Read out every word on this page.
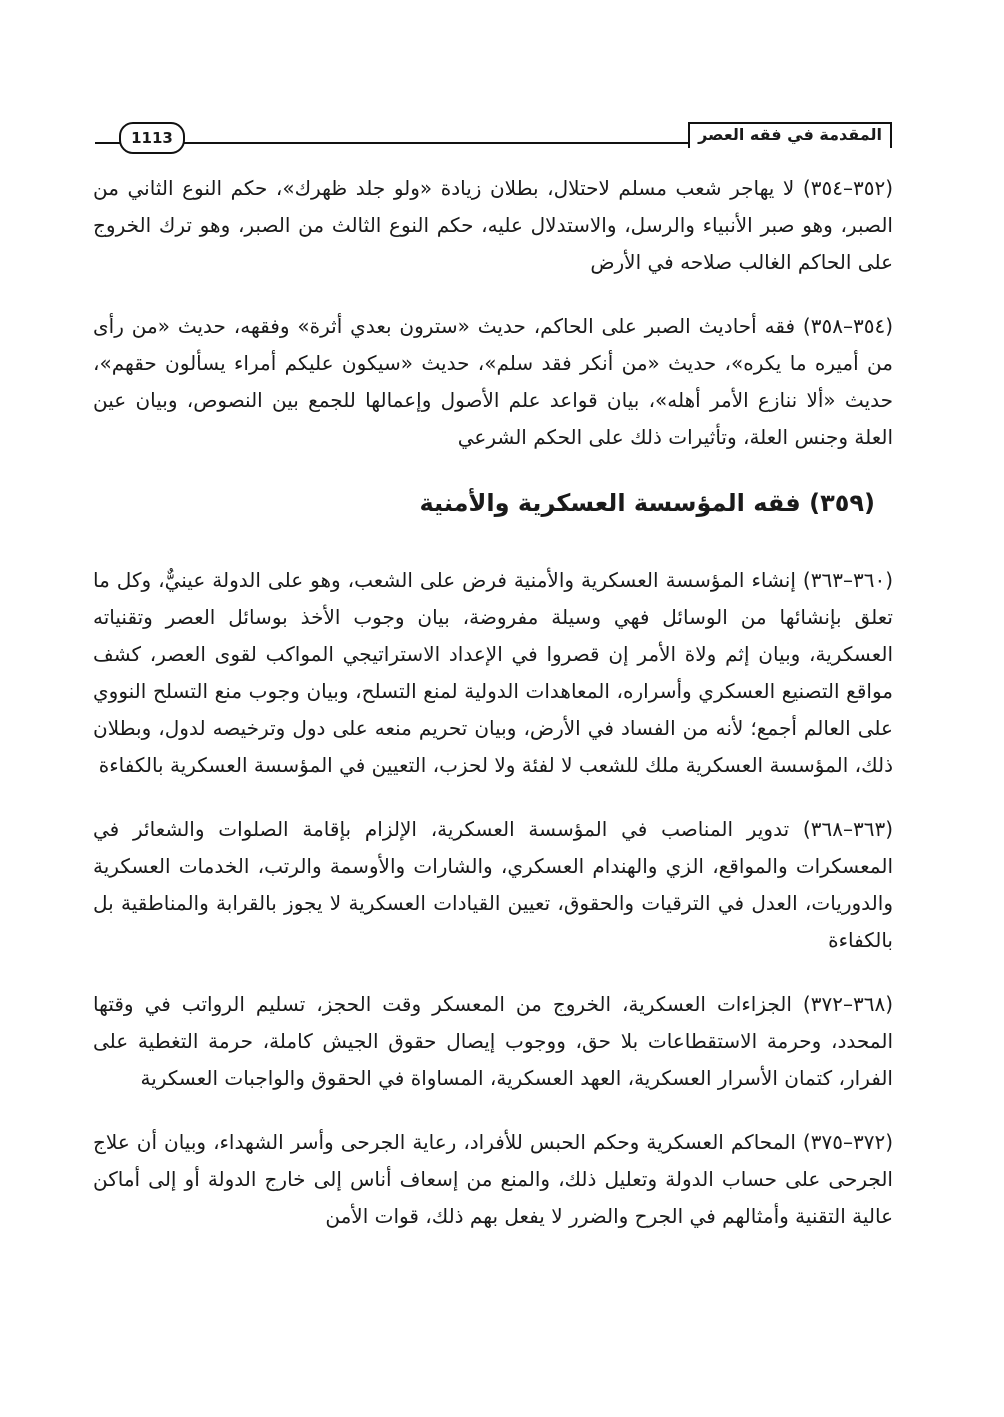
1113	المقدمة في فقه العصر

(٣٥٢–٣٥٤) لا يهاجر شعب مسلم لاحتلال، بطلان زيادة «ولو جلد ظهرك»، حكم النوع الثاني من الصبر، وهو صبر الأنبياء والرسل، والاستدلال عليه، حكم النوع الثالث من الصبر، وهو ترك الخروج على الحاكم الغالب صلاحه في الأرض

(٣٥٤–٣٥٨) فقه أحاديث الصبر على الحاكم، حديث «سترون بعدي أثرة» وفقهه، حديث «من رأى من أميره ما يكره»، حديث «من أنكر فقد سلم»، حديث «سيكون عليكم أمراء يسألون حقهم»، حديث «ألا ننازع الأمر أهله»، بيان قواعد علم الأصول وإعمالها للجمع بين النصوص، وبيان عين العلة وجنس العلة، وتأثيرات ذلك على الحكم الشرعي

(٣٥٩) فقه المؤسسة العسكرية والأمنية

(٣٦٠–٣٦٣) إنشاء المؤسسة العسكرية والأمنية فرض على الشعب، وهو على الدولة عينيٌّ، وكل ما تعلق بإنشائها من الوسائل فهي وسيلة مفروضة، بيان وجوب الأخذ بوسائل العصر وتقنياته العسكرية، وبيان إثم ولاة الأمر إن قصروا في الإعداد الاستراتيجي المواكب لقوى العصر، كشف مواقع التصنيع العسكري وأسراره، المعاهدات الدولية لمنع التسلح، وبيان وجوب منع التسلح النووي على العالم أجمع؛ لأنه من الفساد في الأرض، وبيان تحريم منعه على دول وترخيصه لدول، وبطلان ذلك، المؤسسة العسكرية ملك للشعب لا لفئة ولا لحزب، التعيين في المؤسسة العسكرية بالكفاءة

(٣٦٣–٣٦٨) تدوير المناصب في المؤسسة العسكرية، الإلزام بإقامة الصلوات والشعائر في المعسكرات والمواقع، الزي والهندام العسكري، والشارات والأوسمة والرتب، الخدمات العسكرية والدوريات، العدل في الترقيات والحقوق، تعيين القيادات العسكرية لا يجوز بالقرابة والمناطقية بل بالكفاءة

(٣٦٨–٣٧٢) الجزاءات العسكرية، الخروج من المعسكر وقت الحجز، تسليم الرواتب في وقتها المحدد، وحرمة الاستقطاعات بلا حق، ووجوب إيصال حقوق الجيش كاملة، حرمة التغطية على الفرار، كتمان الأسرار العسكرية، العهد العسكرية، المساواة في الحقوق والواجبات العسكرية

(٣٧٢–٣٧٥) المحاكم العسكرية وحكم الحبس للأفراد، رعاية الجرحى وأسر الشهداء، وبيان أن علاج الجرحى على حساب الدولة وتعليل ذلك، والمنع من إسعاف أناس إلى خارج الدولة أو إلى أماكن عالية التقنية وأمثالهم في الجرح والضرر لا يفعل بهم ذلك، قوات الأمن
